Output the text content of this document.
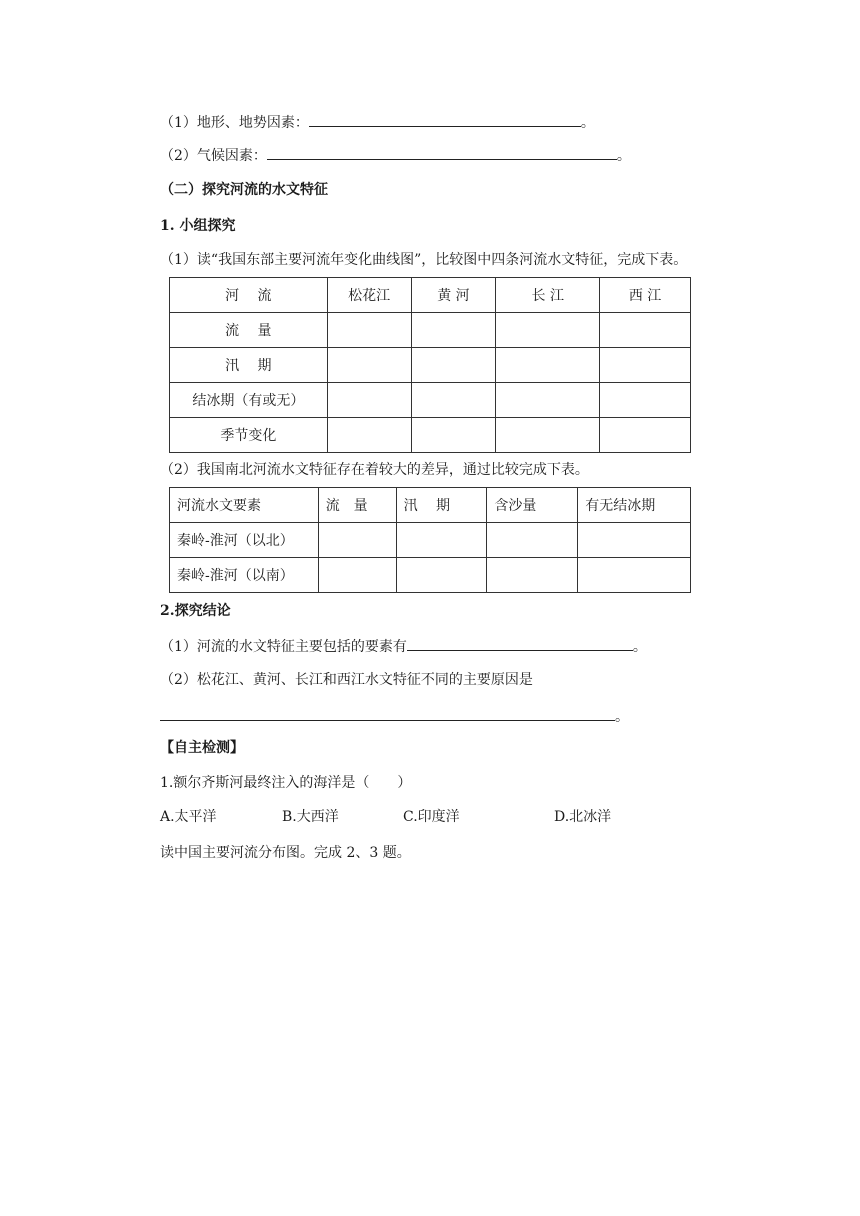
（1）地形、地势因素：	。
（2）气候因素：	。
（二）探究河流的水文特征
1. 小组探究
（1）读“我国东部主要河流年变化曲线图”，比较图中四条河流水文特征，完成下表。
河　 流	松花江	黄 河	长 江	西 江
流　 量				
汛　 期				
结冰期（有或无）				
季节变化				
（2）我国南北河流水文特征存在着较大的差异，通过比较完成下表。
河流水文要素	流　量	汛　 期	含沙量	有无结冰期
秦岭-淮河（以北）				
秦岭-淮河（以南）				
2.探究结论
（1）河流的水文特征主要包括的要素有	。
（2）松花江、黄河、长江和西江水文特征不同的主要原因是
。
【自主检测】
1.额尔齐斯河最终注入的海洋是（　　）
A.太平洋	B.大西洋	C.印度洋	D.北冰洋
读中国主要河流分布图。完成 2、3 题。
